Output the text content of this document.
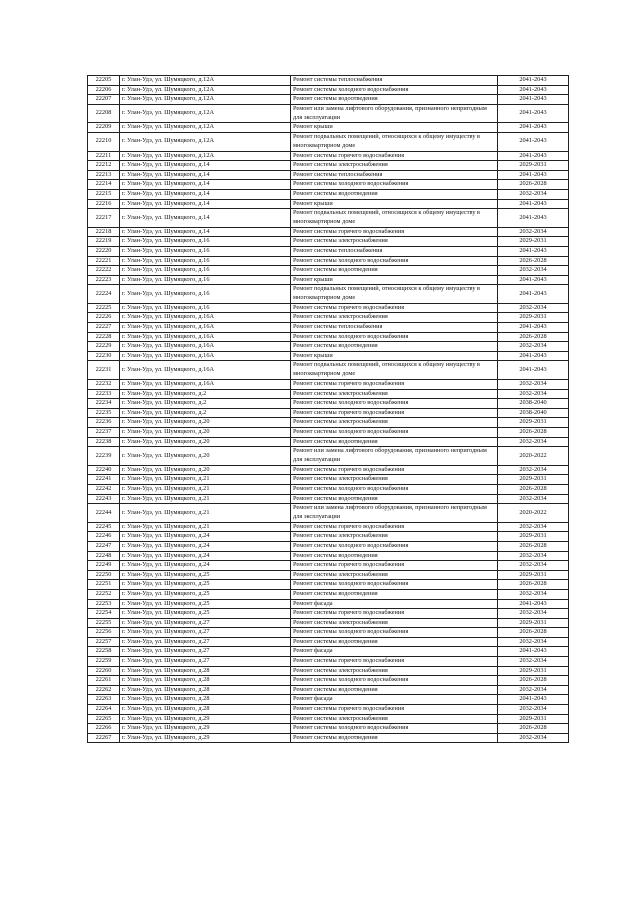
22205	г. Улан-Удэ, ул. Шумяцкого, д.12А	Ремонт системы теплоснабжения	2041-2043
22206	г. Улан-Удэ, ул. Шумяцкого, д.12А	Ремонт системы холодного водоснабжения	2041-2043
22207	г. Улан-Удэ, ул. Шумяцкого, д.12А	Ремонт системы водоотведения	2041-2043
22208	г. Улан-Удэ, ул. Шумяцкого, д.12А	Ремонт или замена лифтового оборудования, признанного непригодным для эксплуатации	2041-2043
22209	г. Улан-Удэ, ул. Шумяцкого, д.12А	Ремонт крыши	2041-2043
22210	г. Улан-Удэ, ул. Шумяцкого, д.12А	Ремонт подвальных помещений, относящихся к общему имуществу в многоквартирном доме	2041-2043
22211	г. Улан-Удэ, ул. Шумяцкого, д.12А	Ремонт системы горячего водоснабжения	2041-2043
22212	г. Улан-Удэ, ул. Шумяцкого, д.14	Ремонт системы электроснабжения	2029-2031
22213	г. Улан-Удэ, ул. Шумяцкого, д.14	Ремонт системы теплоснабжения	2041-2043
22214	г. Улан-Удэ, ул. Шумяцкого, д.14	Ремонт системы холодного водоснабжения	2026-2028
22215	г. Улан-Удэ, ул. Шумяцкого, д.14	Ремонт системы водоотведения	2032-2034
22216	г. Улан-Удэ, ул. Шумяцкого, д.14	Ремонт крыши	2041-2043
22217	г. Улан-Удэ, ул. Шумяцкого, д.14	Ремонт подвальных помещений, относящихся к общему имуществу в многоквартирном доме	2041-2043
22218	г. Улан-Удэ, ул. Шумяцкого, д.14	Ремонт системы горячего водоснабжения	2032-2034
22219	г. Улан-Удэ, ул. Шумяцкого, д.16	Ремонт системы электроснабжения	2029-2031
22220	г. Улан-Удэ, ул. Шумяцкого, д.16	Ремонт системы теплоснабжения	2041-2043
22221	г. Улан-Удэ, ул. Шумяцкого, д.16	Ремонт системы холодного водоснабжения	2026-2028
22222	г. Улан-Удэ, ул. Шумяцкого, д.16	Ремонт системы водоотведения	2032-2034
22223	г. Улан-Удэ, ул. Шумяцкого, д.16	Ремонт крыши	2041-2043
22224	г. Улан-Удэ, ул. Шумяцкого, д.16	Ремонт подвальных помещений, относящихся к общему имуществу в многоквартирном доме	2041-2043
22225	г. Улан-Удэ, ул. Шумяцкого, д.16	Ремонт системы горячего водоснабжения	2032-2034
22226	г. Улан-Удэ, ул. Шумяцкого, д.16А	Ремонт системы электроснабжения	2029-2031
22227	г. Улан-Удэ, ул. Шумяцкого, д.16А	Ремонт системы теплоснабжения	2041-2043
22228	г. Улан-Удэ, ул. Шумяцкого, д.16А	Ремонт системы холодного водоснабжения	2026-2028
22229	г. Улан-Удэ, ул. Шумяцкого, д.16А	Ремонт системы водоотведения	2032-2034
22230	г. Улан-Удэ, ул. Шумяцкого, д.16А	Ремонт крыши	2041-2043
22231	г. Улан-Удэ, ул. Шумяцкого, д.16А	Ремонт подвальных помещений, относящихся к общему имуществу в многоквартирном доме	2041-2043
22232	г. Улан-Удэ, ул. Шумяцкого, д.16А	Ремонт системы горячего водоснабжения	2032-2034
22233	г. Улан-Удэ, ул. Шумяцкого, д.2	Ремонт системы электроснабжения	2032-2034
22234	г. Улан-Удэ, ул. Шумяцкого, д.2	Ремонт системы холодного водоснабжения	2038-2040
22235	г. Улан-Удэ, ул. Шумяцкого, д.2	Ремонт системы горячего водоснабжения	2038-2040
22236	г. Улан-Удэ, ул. Шумяцкого, д.20	Ремонт системы электроснабжения	2029-2031
22237	г. Улан-Удэ, ул. Шумяцкого, д.20	Ремонт системы холодного водоснабжения	2026-2028
22238	г. Улан-Удэ, ул. Шумяцкого, д.20	Ремонт системы водоотведения	2032-2034
22239	г. Улан-Удэ, ул. Шумяцкого, д.20	Ремонт или замена лифтового оборудования, признанного непригодным для эксплуатации	2020-2022
22240	г. Улан-Удэ, ул. Шумяцкого, д.20	Ремонт системы горячего водоснабжения	2032-2034
22241	г. Улан-Удэ, ул. Шумяцкого, д.21	Ремонт системы электроснабжения	2029-2031
22242	г. Улан-Удэ, ул. Шумяцкого, д.21	Ремонт системы холодного водоснабжения	2026-2028
22243	г. Улан-Удэ, ул. Шумяцкого, д.21	Ремонт системы водоотведения	2032-2034
22244	г. Улан-Удэ, ул. Шумяцкого, д.21	Ремонт или замена лифтового оборудования, признанного непригодным для эксплуатации	2020-2022
22245	г. Улан-Удэ, ул. Шумяцкого, д.21	Ремонт системы горячего водоснабжения	2032-2034
22246	г. Улан-Удэ, ул. Шумяцкого, д.24	Ремонт системы электроснабжения	2029-2031
22247	г. Улан-Удэ, ул. Шумяцкого, д.24	Ремонт системы холодного водоснабжения	2026-2028
22248	г. Улан-Удэ, ул. Шумяцкого, д.24	Ремонт системы водоотведения	2032-2034
22249	г. Улан-Удэ, ул. Шумяцкого, д.24	Ремонт системы горячего водоснабжения	2032-2034
22250	г. Улан-Удэ, ул. Шумяцкого, д.25	Ремонт системы электроснабжения	2029-2031
22251	г. Улан-Удэ, ул. Шумяцкого, д.25	Ремонт системы холодного водоснабжения	2026-2028
22252	г. Улан-Удэ, ул. Шумяцкого, д.25	Ремонт системы водоотведения	2032-2034
22253	г. Улан-Удэ, ул. Шумяцкого, д.25	Ремонт фасада	2041-2043
22254	г. Улан-Удэ, ул. Шумяцкого, д.25	Ремонт системы горячего водоснабжения	2032-2034
22255	г. Улан-Удэ, ул. Шумяцкого, д.27	Ремонт системы электроснабжения	2029-2031
22256	г. Улан-Удэ, ул. Шумяцкого, д.27	Ремонт системы холодного водоснабжения	2026-2028
22257	г. Улан-Удэ, ул. Шумяцкого, д.27	Ремонт системы водоотведения	2032-2034
22258	г. Улан-Удэ, ул. Шумяцкого, д.27	Ремонт фасада	2041-2043
22259	г. Улан-Удэ, ул. Шумяцкого, д.27	Ремонт системы горячего водоснабжения	2032-2034
22260	г. Улан-Удэ, ул. Шумяцкого, д.28	Ремонт системы электроснабжения	2029-2031
22261	г. Улан-Удэ, ул. Шумяцкого, д.28	Ремонт системы холодного водоснабжения	2026-2028
22262	г. Улан-Удэ, ул. Шумяцкого, д.28	Ремонт системы водоотведения	2032-2034
22263	г. Улан-Удэ, ул. Шумяцкого, д.28	Ремонт фасада	2041-2043
22264	г. Улан-Удэ, ул. Шумяцкого, д.28	Ремонт системы горячего водоснабжения	2032-2034
22265	г. Улан-Удэ, ул. Шумяцкого, д.29	Ремонт системы электроснабжения	2029-2031
22266	г. Улан-Удэ, ул. Шумяцкого, д.29	Ремонт системы холодного водоснабжения	2026-2028
22267	г. Улан-Удэ, ул. Шумяцкого, д.29	Ремонт системы водоотведения	2032-2034
